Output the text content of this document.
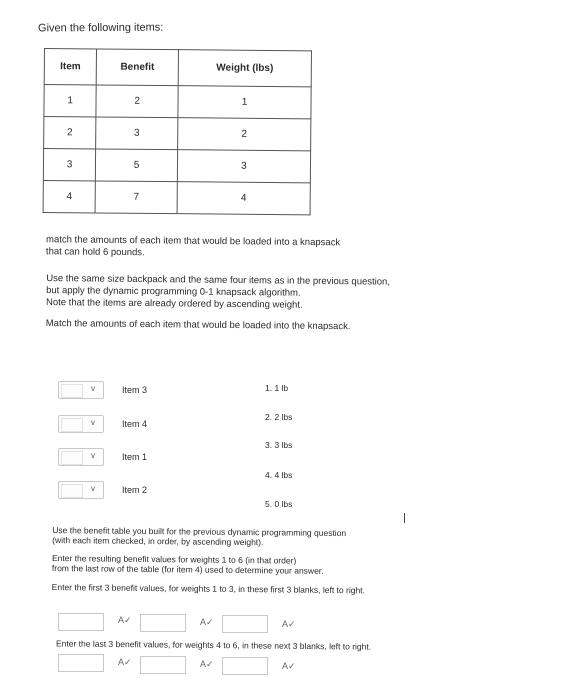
Given the following items:
Item	Benefit	Weight (lbs)
1	2	1
2	3	2
3	5	3
4	7	4
match the amounts of each item that would be loaded into a knapsack
that can hold 6 pounds.

Use the same size backpack and the same four items as in the previous question,

but apply the dynamic programming 0-1 knapsack algorithm.

Note that the items are already ordered by ascending weight.

Match the amounts of each item that would be loaded into the knapsack.

v	Item 3
v	Item 4
v	Item 1
v	Item 2
1. 1 lb
2. 2 lbs
3. 3 lbs
4. 4 lbs
5. 0 lbs

Use the benefit table you built for the previous dynamic programming question

(with each item checked, in order, by ascending weight).

Enter the resulting benefit values for weights 1 to 6 (in that order)

from the last row of the table (for item 4) used to determine your answer.

Enter the first 3 benefit values, for weights 1 to 3, in these first 3 blanks, left to right.

A✓	A✓	A✓
Enter the last 3 benefit values, for weights 4 to 6, in these next 3 blanks, left to right.
A✓	A✓	A✓
